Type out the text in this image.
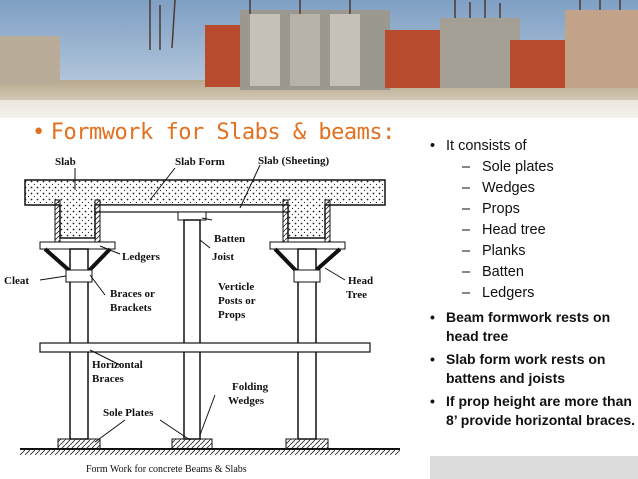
• Formwork for Slabs & beams:
Slab	Slab Form	Slab (Sheeting)
Batten
Joist
Ledgers
Cleat
Braces or
Brackets
Verticle
Posts or
Props
Head
Tree
Horizontal
Braces
Folding
Wedges
Sole Plates
Form Work for concrete Beams & Slabs
• It consists of
– Sole plates
– Wedges
– Props
– Head tree
– Planks
– Batten
– Ledgers
• Beam formwork rests on head tree
• Slab form work rests on battens and joists
• If prop height are more than 8’ provide horizontal braces.
